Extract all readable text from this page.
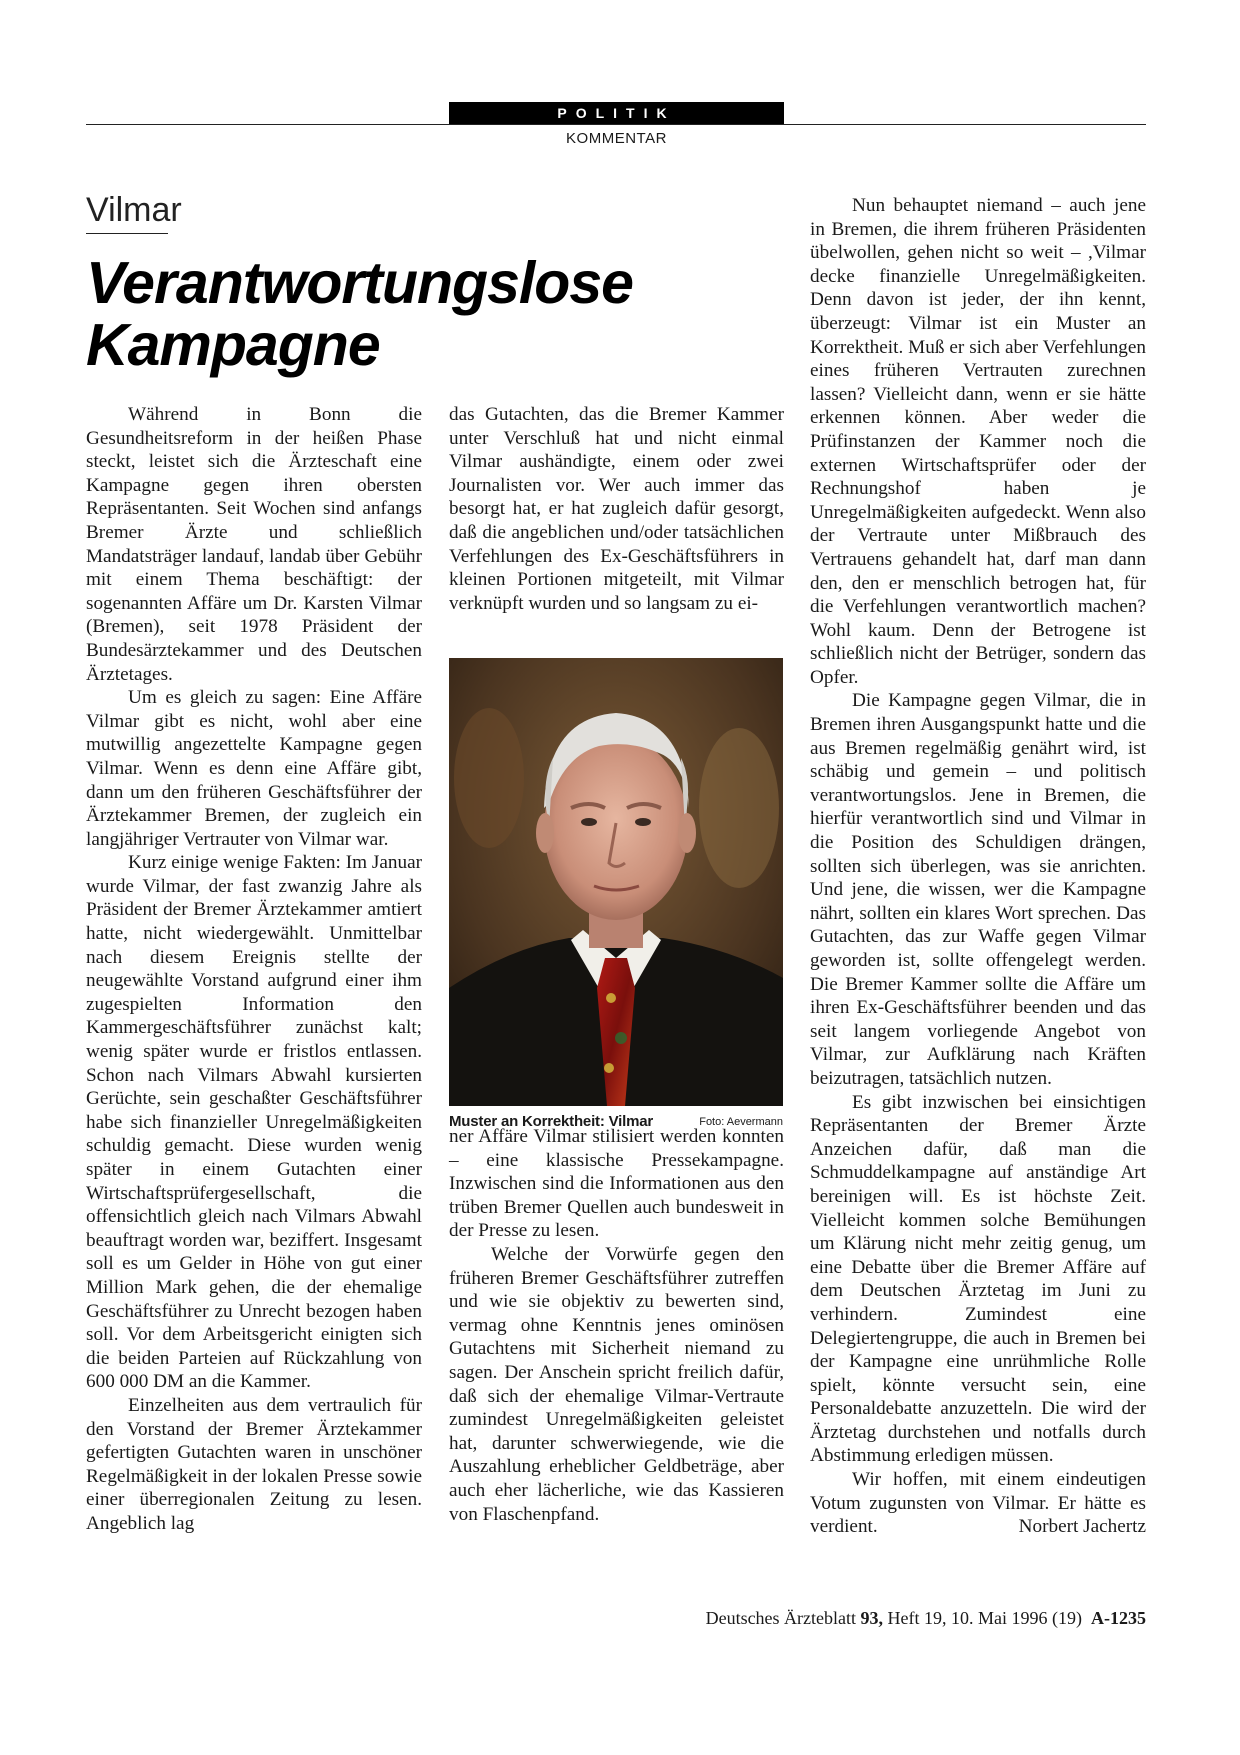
POLITIK
KOMMENTAR
Vilmar
Verantwortungslose
Kampagne

Während in Bonn die Gesundheitsreform in der heißen Phase steckt, leistet sich die Ärzteschaft eine Kampagne gegen ihren obersten Repräsentanten. Seit Wochen sind anfangs Bremer Ärzte und schließlich Mandatsträger landauf, landab über Gebühr mit einem Thema beschäftigt: der sogenannten Affäre um Dr. Karsten Vilmar (Bremen), seit 1978 Präsident der Bundesärztekammer und des Deutschen Ärztetages.

Um es gleich zu sagen: Eine Affäre Vilmar gibt es nicht, wohl aber eine mutwillig angezettelte Kampagne gegen Vilmar. Wenn es denn eine Affäre gibt, dann um den früheren Geschäftsführer der Ärztekammer Bremen, der zugleich ein langjähriger Vertrauter von Vilmar war.

Kurz einige wenige Fakten: Im Januar wurde Vilmar, der fast zwanzig Jahre als Präsident der Bremer Ärztekammer amtiert hatte, nicht wiedergewählt. Unmittelbar nach diesem Ereignis stellte der neugewählte Vorstand aufgrund einer ihm zugespielten Information den Kammergeschäftsführer zunächst kalt; wenig später wurde er fristlos entlassen. Schon nach Vilmars Abwahl kursierten Gerüchte, sein geschaßter Geschäftsführer habe sich finanzieller Unregelmäßigkeiten schuldig gemacht. Diese wurden wenig später in einem Gutachten einer Wirtschaftsprüfergesellschaft, die offensichtlich gleich nach Vilmars Abwahl beauftragt worden war, beziffert. Insgesamt soll es um Gelder in Höhe von gut einer Million Mark gehen, die der ehemalige Geschäftsführer zu Unrecht bezogen haben soll. Vor dem Arbeitsgericht einigten sich die beiden Parteien auf Rückzahlung von 600 000 DM an die Kammer.

Einzelheiten aus dem vertraulich für den Vorstand der Bremer Ärztekammer gefertigten Gutachten waren in unschöner Regelmäßigkeit in der lokalen Presse sowie einer überregionalen Zeitung zu lesen. Angeblich lag

das Gutachten, das die Bremer Kammer unter Verschluß hat und nicht einmal Vilmar aushändigte, einem oder zwei Journalisten vor. Wer auch immer das besorgt hat, er hat zugleich dafür gesorgt, daß die angeblichen und/oder tatsächlichen Verfehlungen des Ex-Geschäftsführers in kleinen Portionen mitgeteilt, mit Vilmar verknüpft wurden und so langsam zu ei-

Muster an Korrektheit: Vilmar	Foto: Aevermann

ner Affäre Vilmar stilisiert werden konnten – eine klassische Pressekampagne. Inzwischen sind die Informationen aus den trüben Bremer Quellen auch bundesweit in der Presse zu lesen.

Welche der Vorwürfe gegen den früheren Bremer Geschäftsführer zutreffen und wie sie objektiv zu bewerten sind, vermag ohne Kenntnis jenes ominösen Gutachtens mit Sicherheit niemand zu sagen. Der Anschein spricht freilich dafür, daß sich der ehemalige Vilmar-Vertraute zumindest Unregelmäßigkeiten geleistet hat, darunter schwerwiegende, wie die Auszahlung erheblicher Geldbeträge, aber auch eher lächerliche, wie das Kassieren von Flaschenpfand.

Nun behauptet niemand – auch jene in Bremen, die ihrem früheren Präsidenten übelwollen, gehen nicht so weit – ,Vilmar decke finanzielle Unregelmäßigkeiten. Denn davon ist jeder, der ihn kennt, überzeugt: Vilmar ist ein Muster an Korrektheit. Muß er sich aber Verfehlungen eines früheren Vertrauten zurechnen lassen? Vielleicht dann, wenn er sie hätte erkennen können. Aber weder die Prüfinstanzen der Kammer noch die externen Wirtschaftsprüfer oder der Rechnungshof haben je Unregelmäßigkeiten aufgedeckt. Wenn also der Vertraute unter Mißbrauch des Vertrauens gehandelt hat, darf man dann den, den er menschlich betrogen hat, für die Verfehlungen verantwortlich machen? Wohl kaum. Denn der Betrogene ist schließlich nicht der Betrüger, sondern das Opfer.

Die Kampagne gegen Vilmar, die in Bremen ihren Ausgangspunkt hatte und die aus Bremen regelmäßig genährt wird, ist schäbig und gemein – und politisch verantwortungslos. Jene in Bremen, die hierfür verantwortlich sind und Vilmar in die Position des Schuldigen drängen, sollten sich überlegen, was sie anrichten. Und jene, die wissen, wer die Kampagne nährt, sollten ein klares Wort sprechen. Das Gutachten, das zur Waffe gegen Vilmar geworden ist, sollte offengelegt werden. Die Bremer Kammer sollte die Affäre um ihren Ex-Geschäftsführer beenden und das seit langem vorliegende Angebot von Vilmar, zur Aufklärung nach Kräften beizutragen, tatsächlich nutzen.

Es gibt inzwischen bei einsichtigen Repräsentanten der Bremer Ärzte Anzeichen dafür, daß man die Schmuddelkampagne auf anständige Art bereinigen will. Es ist höchste Zeit. Vielleicht kommen solche Bemühungen um Klärung nicht mehr zeitig genug, um eine Debatte über die Bremer Affäre auf dem Deutschen Ärztetag im Juni zu verhindern. Zumindest eine Delegiertengruppe, die auch in Bremen bei der Kampagne eine unrühmliche Rolle spielt, könnte versucht sein, eine Personaldebatte anzuzetteln. Die wird der Ärztetag durchstehen und notfalls durch Abstimmung erledigen müssen.

Wir hoffen, mit einem eindeutigen Votum zugunsten von Vilmar. Er hätte es verdient.	Norbert Jachertz

Deutsches Ärzteblatt 93, Heft 19, 10. Mai 1996 (19) A-1235
